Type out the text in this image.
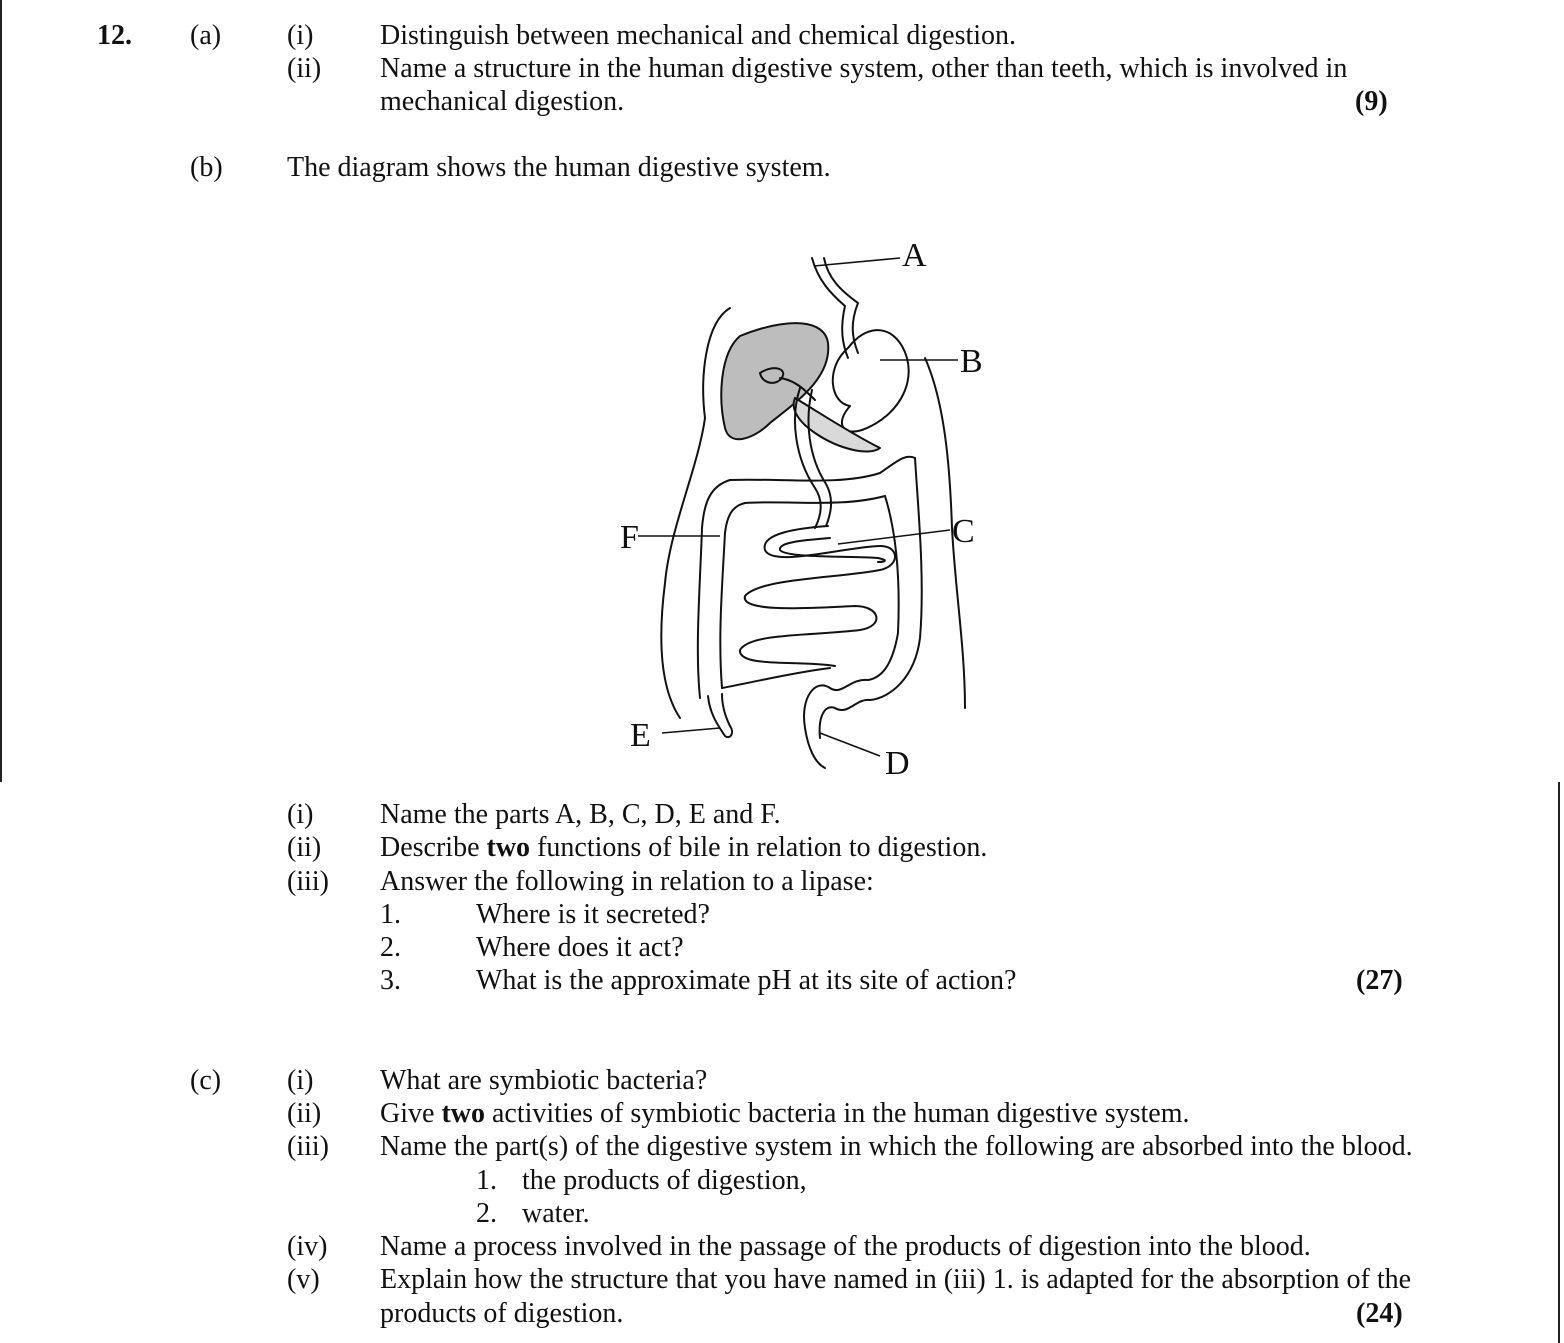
12. (a) (i) Distinguish between mechanical and chemical digestion.
(ii) Name a structure in the human digestive system, other than teeth, which is involved in
mechanical digestion.	(9)
(b) The diagram shows the human digestive system.
A
B
C
D
E
F
(i) Name the parts A, B, C, D, E and F.
(ii) Describe two functions of bile in relation to digestion.
(iii) Answer the following in relation to a lipase:
1.	Where is it secreted?
2.	Where does it act?
3.	What is the approximate pH at its site of action?	(27)
(c) (i) What are symbiotic bacteria?
(ii) Give two activities of symbiotic bacteria in the human digestive system.
(iii) Name the part(s) of the digestive system in which the following are absorbed into the blood.
1. the products of digestion,
2. water.
(iv) Name a process involved in the passage of the products of digestion into the blood.
(v) Explain how the structure that you have named in (iii) 1. is adapted for the absorption of the
products of digestion.	(24)
